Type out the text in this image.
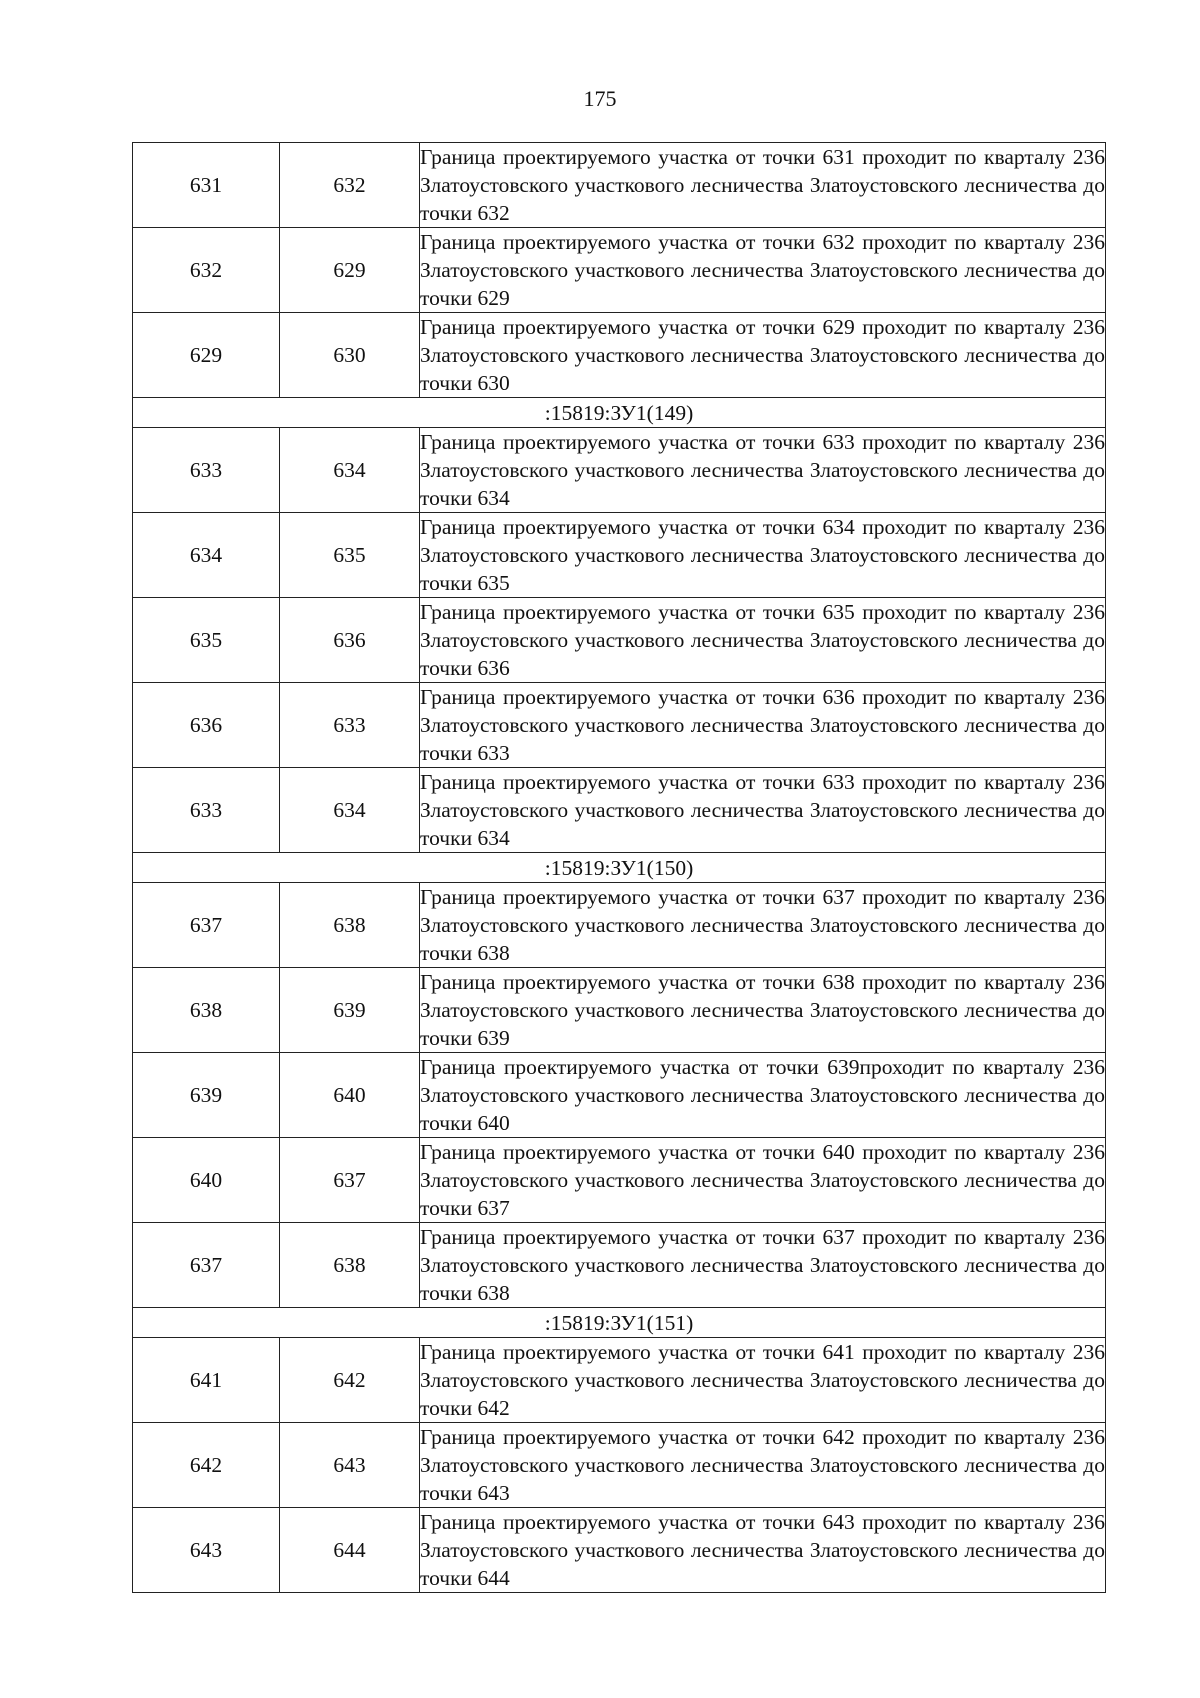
175
631	632	Граница проектируемого участка от точки 631 проходит по кварталу 236 Златоустовского участкового лесничества Златоустовского лесничества до точки 632
632	629	Граница проектируемого участка от точки 632 проходит по кварталу 236 Златоустовского участкового лесничества Златоустовского лесничества до точки 629
629	630	Граница проектируемого участка от точки 629 проходит по кварталу 236 Златоустовского участкового лесничества Златоустовского лесничества до точки 630
:15819:ЗУ1(149)		
633	634	Граница проектируемого участка от точки 633 проходит по кварталу 236 Златоустовского участкового лесничества Златоустовского лесничества до точки 634
634	635	Граница проектируемого участка от точки 634 проходит по кварталу 236 Златоустовского участкового лесничества Златоустовского лесничества до точки 635
635	636	Граница проектируемого участка от точки 635 проходит по кварталу 236 Златоустовского участкового лесничества Златоустовского лесничества до точки 636
636	633	Граница проектируемого участка от точки 636 проходит по кварталу 236 Златоустовского участкового лесничества Златоустовского лесничества до точки 633
633	634	Граница проектируемого участка от точки 633 проходит по кварталу 236 Златоустовского участкового лесничества Златоустовского лесничества до точки 634
:15819:ЗУ1(150)		
637	638	Граница проектируемого участка от точки 637 проходит по кварталу 236 Златоустовского участкового лесничества Златоустовского лесничества до точки 638
638	639	Граница проектируемого участка от точки 638 проходит по кварталу 236 Златоустовского участкового лесничества Златоустовского лесничества до точки 639
639	640	Граница проектируемого участка от точки 639проходит по кварталу 236 Златоустовского участкового лесничества Златоустовского лесничества до точки 640
640	637	Граница проектируемого участка от точки 640 проходит по кварталу 236 Златоустовского участкового лесничества Златоустовского лесничества до точки 637
637	638	Граница проектируемого участка от точки 637 проходит по кварталу 236 Златоустовского участкового лесничества Златоустовского лесничества до точки 638
:15819:ЗУ1(151)		
641	642	Граница проектируемого участка от точки 641 проходит по кварталу 236 Златоустовского участкового лесничества Златоустовского лесничества до точки 642
642	643	Граница проектируемого участка от точки 642 проходит по кварталу 236 Златоустовского участкового лесничества Златоустовского лесничества до точки 643
643	644	Граница проектируемого участка от точки 643 проходит по кварталу 236 Златоустовского участкового лесничества Златоустовского лесничества до точки 644
